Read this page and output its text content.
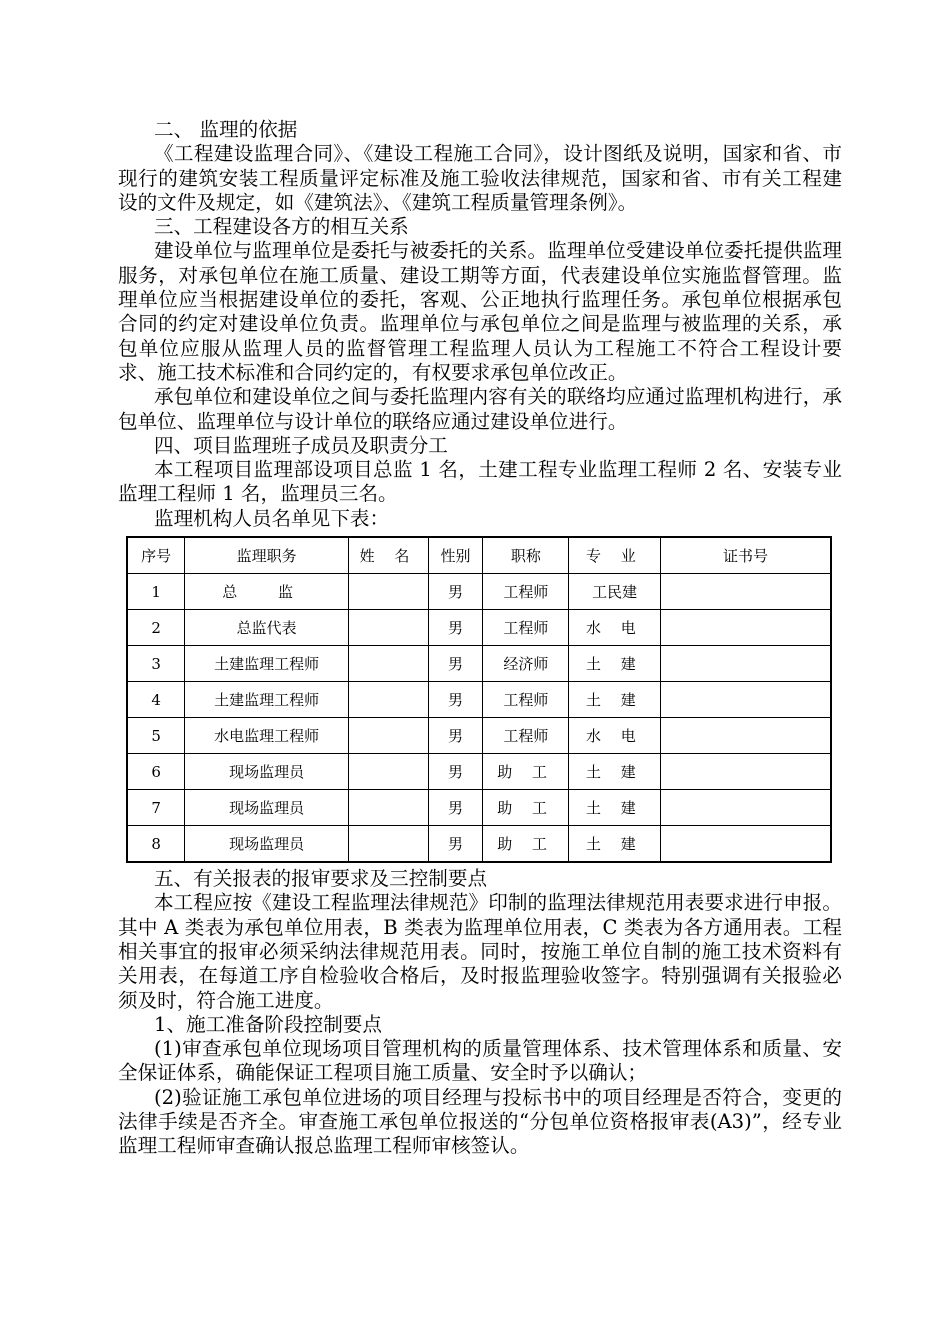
二、 监理的依据

《工程建设监理合同》、《建设工程施工合同》，设计图纸及说明，国家和省、市现行的建筑安装工程质量评定标准及施工验收法律规范，国家和省、市有关工程建设的文件及规定，如《建筑法》、《建筑工程质量管理条例》。

三、工程建设各方的相互关系

建设单位与监理单位是委托与被委托的关系。监理单位受建设单位委托提供监理服务，对承包单位在施工质量、建设工期等方面，代表建设单位实施监督管理。监理单位应当根据建设单位的委托，客观、公正地执行监理任务。承包单位根据承包合同的约定对建设单位负责。监理单位与承包单位之间是监理与被监理的关系，承包单位应服从监理人员的监督管理工程监理人员认为工程施工不符合工程设计要求、施工技术标准和合同约定的，有权要求承包单位改正。

承包单位和建设单位之间与委托监理内容有关的联络均应通过监理机构进行，承包单位、监理单位与设计单位的联络应通过建设单位进行。

四、项目监理班子成员及职责分工

本工程项目监理部设项目总监 1 名，土建工程专业监理工程师 2 名、安装专业监理工程师 1 名，监理员三名。

监理机构人员名单见下表：

序号	监理职务	姓 名	性别	职称	专 业	证书号
1	总 监		男	工程师	工民建	
2	总监代表		男	工程师	水 电	
3	土建监理工程师		男	经济师	土 建	
4	土建监理工程师		男	工程师	土 建	
5	水电监理工程师		男	工程师	水 电	
6	现场监理员		男	助 工	土 建	
7	现场监理员		男	助 工	土 建	
8	现场监理员		男	助 工	土 建	

五、有关报表的报审要求及三控制要点

本工程应按《建设工程监理法律规范》印制的监理法律规范用表要求进行申报。其中 A 类表为承包单位用表，B 类表为监理单位用表，C 类表为各方通用表。工程相关事宜的报审必须采纳法律规范用表。同时，按施工单位自制的施工技术资料有关用表，在每道工序自检验收合格后，及时报监理验收签字。特别强调有关报验必须及时，符合施工进度。

1、施工准备阶段控制要点

(1)审查承包单位现场项目管理机构的质量管理体系、技术管理体系和质量、安全保证体系，确能保证工程项目施工质量、安全时予以确认；

(2)验证施工承包单位进场的项目经理与投标书中的项目经理是否符合，变更的法律手续是否齐全。审查施工承包单位报送的“分包单位资格报审表(A3)”，经专业监理工程师审查确认报总监理工程师审核签认。
